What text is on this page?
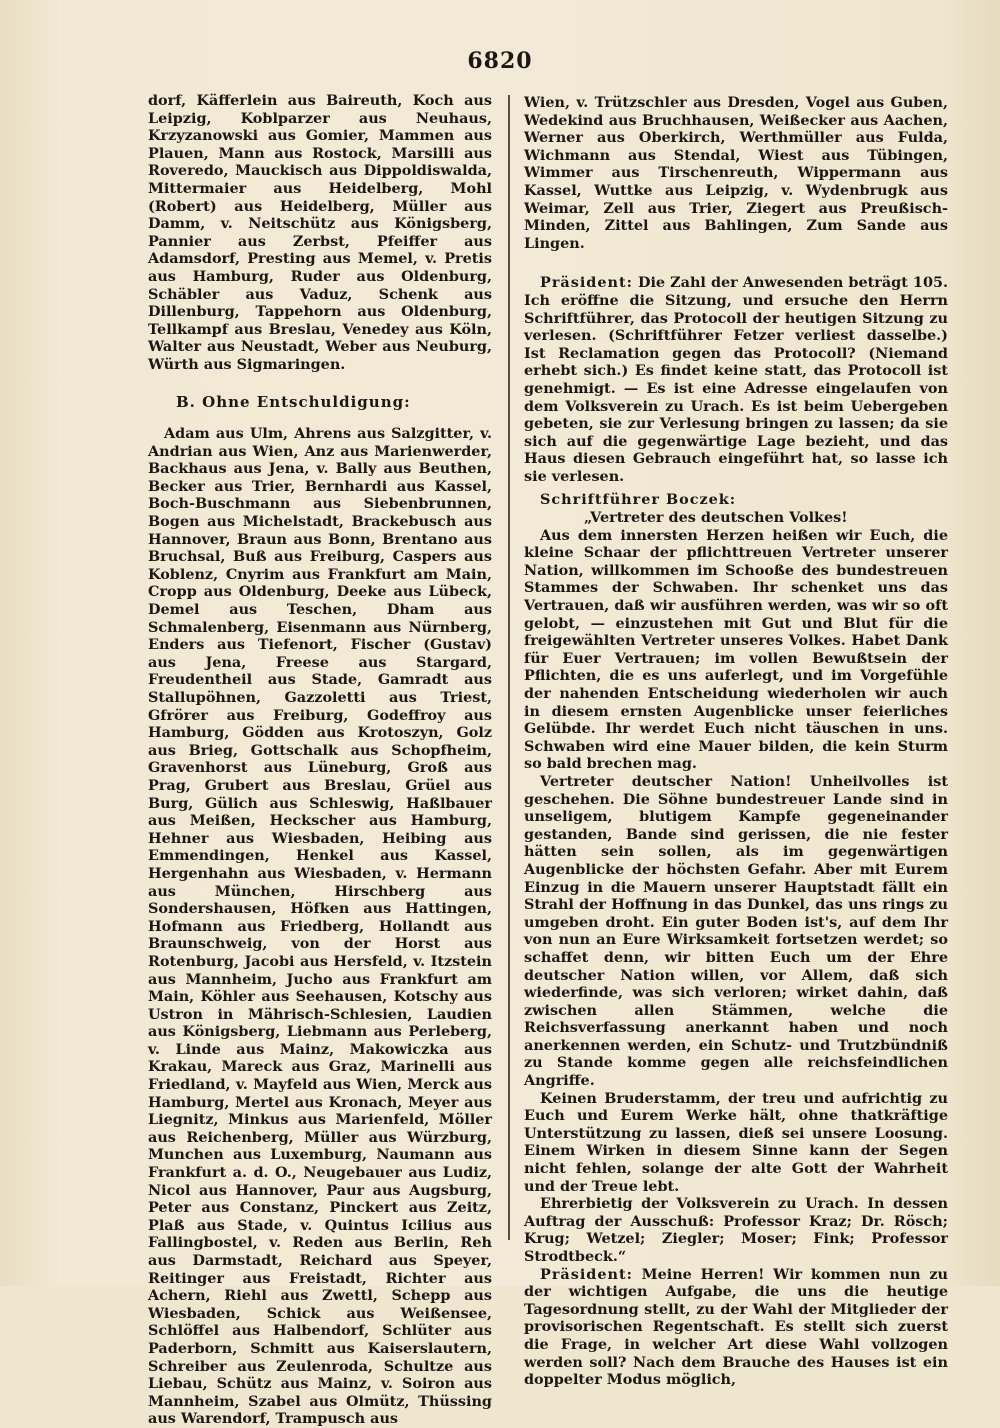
6820

dorf, Käfferlein aus Baireuth, Koch aus Leipzig, Koblparzer aus Neuhaus, Krzyzanowski aus Gomier, Mammen aus Plauen, Mann aus Rostock, Marsilli aus Roveredo, Mauckisch aus Dippoldiswalda, Mittermaier aus Heidelberg, Mohl (Robert) aus Heidelberg, Müller aus Damm, v. Neitschütz aus Königsberg, Pannier aus Zerbst, Pfeiffer aus Adamsdorf, Presting aus Memel, v. Pretis aus Hamburg, Ruder aus Oldenburg, Schäbler aus Vaduz, Schenk aus Dillenburg, Tappehorn aus Oldenburg, Tellkampf aus Breslau, Venedey aus Köln, Walter aus Neustadt, Weber aus Neuburg, Würth aus Sigmaringen.

B. Ohne Entschuldigung:

Adam aus Ulm, Ahrens aus Salzgitter, v. Andrian aus Wien, Anz aus Marienwerder, Backhaus aus Jena, v. Bally aus Beuthen, Becker aus Trier, Bernhardi aus Kassel, Boch-Buschmann aus Siebenbrunnen, Bogen aus Michelstadt, Brackebusch aus Hannover, Braun aus Bonn, Brentano aus Bruchsal, Buß aus Freiburg, Caspers aus Koblenz, Cnyrim aus Frankfurt am Main, Cropp aus Oldenburg, Deeke aus Lübeck, Demel aus Teschen, Dham aus Schmalenberg, Eisenmann aus Nürnberg, Enders aus Tiefenort, Fischer (Gustav) aus Jena, Freese aus Stargard, Freudentheil aus Stade, Gamradt aus Stallupöhnen, Gazzoletti aus Triest, Gfrörer aus Freiburg, Godeffroy aus Hamburg, Gödden aus Krotoszyn, Golz aus Brieg, Gottschalk aus Schopfheim, Gravenhorst aus Lüneburg, Groß aus Prag, Grubert aus Breslau, Grüel aus Burg, Gülich aus Schleswig, Haßlbauer aus Meißen, Heckscher aus Hamburg, Hehner aus Wiesbaden, Heibing aus Emmendingen, Henkel aus Kassel, Hergenhahn aus Wiesbaden, v. Hermann aus München, Hirschberg aus Sondershausen, Höfken aus Hattingen, Hofmann aus Friedberg, Hollandt aus Braunschweig, von der Horst aus Rotenburg, Jacobi aus Hersfeld, v. Itzstein aus Mannheim, Jucho aus Frankfurt am Main, Köhler aus Seehausen, Kotschy aus Ustron in Mährisch-Schlesien, Laudien aus Königsberg, Liebmann aus Perleberg, v. Linde aus Mainz, Makowiczka aus Krakau, Mareck aus Graz, Marinelli aus Friedland, v. Mayfeld aus Wien, Merck aus Hamburg, Mertel aus Kronach, Meyer aus Liegnitz, Minkus aus Marienfeld, Möller aus Reichenberg, Müller aus Würzburg, Munchen aus Luxemburg, Naumann aus Frankfurt a. d. O., Neugebauer aus Ludiz, Nicol aus Hannover, Paur aus Augsburg, Peter aus Constanz, Pinckert aus Zeitz, Plaß aus Stade, v. Quintus Icilius aus Fallingbostel, v. Reden aus Berlin, Reh aus Darmstadt, Reichard aus Speyer, Reitinger aus Freistadt, Richter aus Achern, Riehl aus Zwettl, Schepp aus Wiesbaden, Schick aus Weißensee, Schlöffel aus Halbendorf, Schlüter aus Paderborn, Schmitt aus Kaiserslautern, Schreiber aus Zeulenroda, Schultze aus Liebau, Schütz aus Mainz, v. Soiron aus Mannheim, Szabel aus Olmütz, Thüssing aus Warendorf, Trampusch aus

Wien, v. Trützschler aus Dresden, Vogel aus Guben, Wedekind aus Bruchhausen, Weißecker aus Aachen, Werner aus Oberkirch, Werthmüller aus Fulda, Wichmann aus Stendal, Wiest aus Tübingen, Wimmer aus Tirschenreuth, Wippermann aus Kassel, Wuttke aus Leipzig, v. Wydenbrugk aus Weimar, Zell aus Trier, Ziegert aus Preußisch-Minden, Zittel aus Bahlingen, Zum Sande aus Lingen.

Präsident: Die Zahl der Anwesenden beträgt 105. Ich eröffne die Sitzung, und ersuche den Herrn Schriftführer, das Protocoll der heutigen Sitzung zu verlesen. (Schriftführer Fetzer verliest dasselbe.) Ist Reclamation gegen das Protocoll? (Niemand erhebt sich.) Es findet keine statt, das Protocoll ist genehmigt. — Es ist eine Adresse eingelaufen von dem Volksverein zu Urach. Es ist beim Uebergeben gebeten, sie zur Verlesung bringen zu lassen; da sie sich auf die gegenwärtige Lage bezieht, und das Haus diesen Gebrauch eingeführt hat, so lasse ich sie verlesen.

Schriftführer Boczek:

„Vertreter des deutschen Volkes!

Aus dem innersten Herzen heißen wir Euch, die kleine Schaar der pflichttreuen Vertreter unserer Nation, willkommen im Schooße des bundestreuen Stammes der Schwaben. Ihr schenket uns das Vertrauen, daß wir ausführen werden, was wir so oft gelobt, — einzustehen mit Gut und Blut für die freigewählten Vertreter unseres Volkes. Habet Dank für Euer Vertrauen; im vollen Bewußtsein der Pflichten, die es uns auferlegt, und im Vorgefühle der nahenden Entscheidung wiederholen wir auch in diesem ernsten Augenblicke unser feierliches Gelübde. Ihr werdet Euch nicht täuschen in uns. Schwaben wird eine Mauer bilden, die kein Sturm so bald brechen mag.

Vertreter deutscher Nation! Unheilvolles ist geschehen. Die Söhne bundestreuer Lande sind in unseligem, blutigem Kampfe gegeneinander gestanden, Bande sind gerissen, die nie fester hätten sein sollen, als im gegenwärtigen Augenblicke der höchsten Gefahr. Aber mit Eurem Einzug in die Mauern unserer Hauptstadt fällt ein Strahl der Hoffnung in das Dunkel, das uns rings zu umgeben droht. Ein guter Boden ist's, auf dem Ihr von nun an Eure Wirksamkeit fortsetzen werdet; so schaffet denn, wir bitten Euch um der Ehre deutscher Nation willen, vor Allem, daß sich wiederfinde, was sich verloren; wirket dahin, daß zwischen allen Stämmen, welche die Reichsverfassung anerkannt haben und noch anerkennen werden, ein Schutz- und Trutzbündniß zu Stande komme gegen alle reichsfeindlichen Angriffe.

Keinen Bruderstamm, der treu und aufrichtig zu Euch und Eurem Werke hält, ohne thatkräftige Unterstützung zu lassen, dieß sei unsere Loosung. Einem Wirken in diesem Sinne kann der Segen nicht fehlen, solange der alte Gott der Wahrheit und der Treue lebt.

Ehrerbietig der Volksverein zu Urach. In dessen Auftrag der Ausschuß: Professor Kraz; Dr. Rösch; Krug; Wetzel; Ziegler; Moser; Fink; Professor Strodtbeck.“

Präsident: Meine Herren! Wir kommen nun zu der wichtigen Aufgabe, die uns die heutige Tagesordnung stellt, zu der Wahl der Mitglieder der provisorischen Regentschaft. Es stellt sich zuerst die Frage, in welcher Art diese Wahl vollzogen werden soll? Nach dem Brauche des Hauses ist ein doppelter Modus möglich,
